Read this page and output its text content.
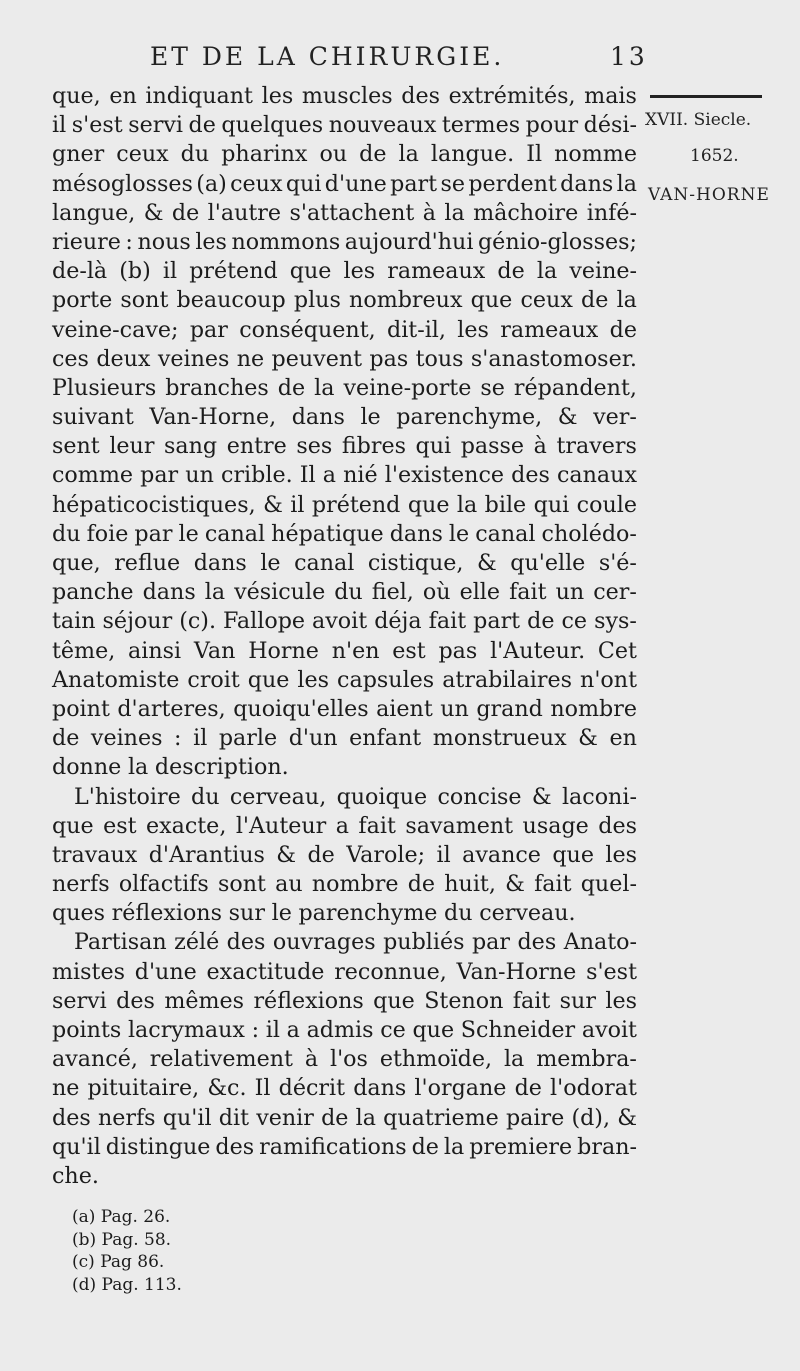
ET DE LA CHIRURGIE.	13
XVII. Siecle.
1652.
VAN-HORNE
que, en indiquant les muscles des extrémités, mais
il s'est servi de quelques nouveaux termes pour dési-
gner ceux du pharinx ou de la langue. Il nomme
mésoglosses (a) ceux qui d'une part se perdent dans la
langue, & de l'autre s'attachent à la mâchoire infé-
rieure : nous les nommons aujourd'hui génio-glosses;
de-là (b) il prétend que les rameaux de la veine-
porte sont beaucoup plus nombreux que ceux de la
veine-cave; par conséquent, dit-il, les rameaux de
ces deux veines ne peuvent pas tous s'anastomoser.
Plusieurs branches de la veine-porte se répandent,
suivant Van-Horne, dans le parenchyme, & ver-
sent leur sang entre ses fibres qui passe à travers
comme par un crible. Il a nié l'existence des canaux
hépaticocistiques, & il prétend que la bile qui coule
du foie par le canal hépatique dans le canal cholédo-
que, reflue dans le canal cistique, & qu'elle s'é-
panche dans la vésicule du fiel, où elle fait un cer-
tain séjour (c). Fallope avoit déja fait part de ce sys-
tême, ainsi Van Horne n'en est pas l'Auteur. Cet
Anatomiste croit que les capsules atrabilaires n'ont
point d'arteres, quoiqu'elles aient un grand nombre
de veines : il parle d'un enfant monstrueux & en
donne la description.
L'histoire du cerveau, quoique concise & laconi-
que est exacte, l'Auteur a fait savament usage des
travaux d'Arantius & de Varole; il avance que les
nerfs olfactifs sont au nombre de huit, & fait quel-
ques réflexions sur le parenchyme du cerveau.
Partisan zélé des ouvrages publiés par des Anato-
mistes d'une exactitude reconnue, Van-Horne s'est
servi des mêmes réflexions que Stenon fait sur les
points lacrymaux : il a admis ce que Schneider avoit
avancé, relativement à l'os ethmoïde, la membra-
ne pituitaire, &c. Il décrit dans l'organe de l'odorat
des nerfs qu'il dit venir de la quatrieme paire (d), &
qu'il distingue des ramifications de la premiere bran-
che.
(a) Pag. 26.
(b) Pag. 58.
(c) Pag 86.
(d) Pag. 113.
